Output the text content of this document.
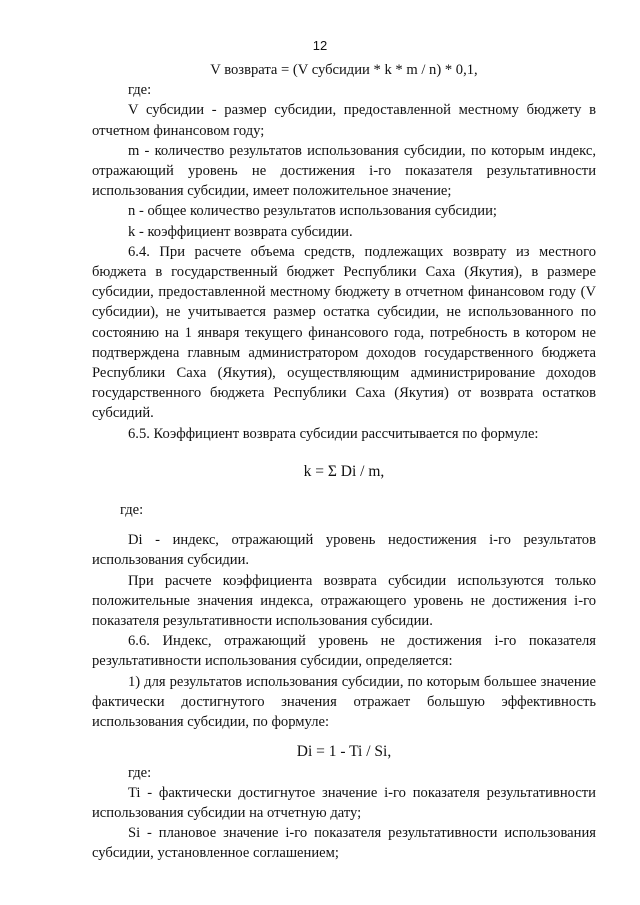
12

V возврата = (V субсидии * k * m / n) * 0,1,

где:

V субсидии - размер субсидии, предоставленной местному бюджету в отчетном финансовом году;

m - количество результатов использования субсидии, по которым индекс, отражающий уровень не достижения i-го показателя результативности использования субсидии, имеет положительное значение;

n - общее количество результатов использования субсидии;

k - коэффициент возврата субсидии.

6.4. При расчете объема средств, подлежащих возврату из местного бюджета в государственный бюджет Республики Саха (Якутия), в размере субсидии, предоставленной местному бюджету в отчетном финансовом году (V субсидии), не учитывается размер остатка субсидии, не использованного по состоянию на 1 января текущего финансового года, потребность в котором не подтверждена главным администратором доходов государственного бюджета Республики Саха (Якутия), осуществляющим администрирование доходов государственного бюджета Республики Саха (Якутия) от возврата остатков субсидий.

6.5. Коэффициент возврата субсидии рассчитывается по формуле:

k = Σ Di / m,

где:

Di - индекс, отражающий уровень недостижения i-го результатов использования субсидии.

При расчете коэффициента возврата субсидии используются только положительные значения индекса, отражающего уровень не достижения i-го показателя результативности использования субсидии.

6.6. Индекс, отражающий уровень не достижения i-го показателя результативности использования субсидии, определяется:

1) для результатов использования субсидии, по которым большее значение фактически достигнутого значения отражает большую эффективность использования субсидии, по формуле:

Di = 1 - Ti / Si,

где:

Ti - фактически достигнутое значение i-го показателя результативности использования субсидии на отчетную дату;

Si - плановое значение i-го показателя результативности использования субсидии, установленное соглашением;
